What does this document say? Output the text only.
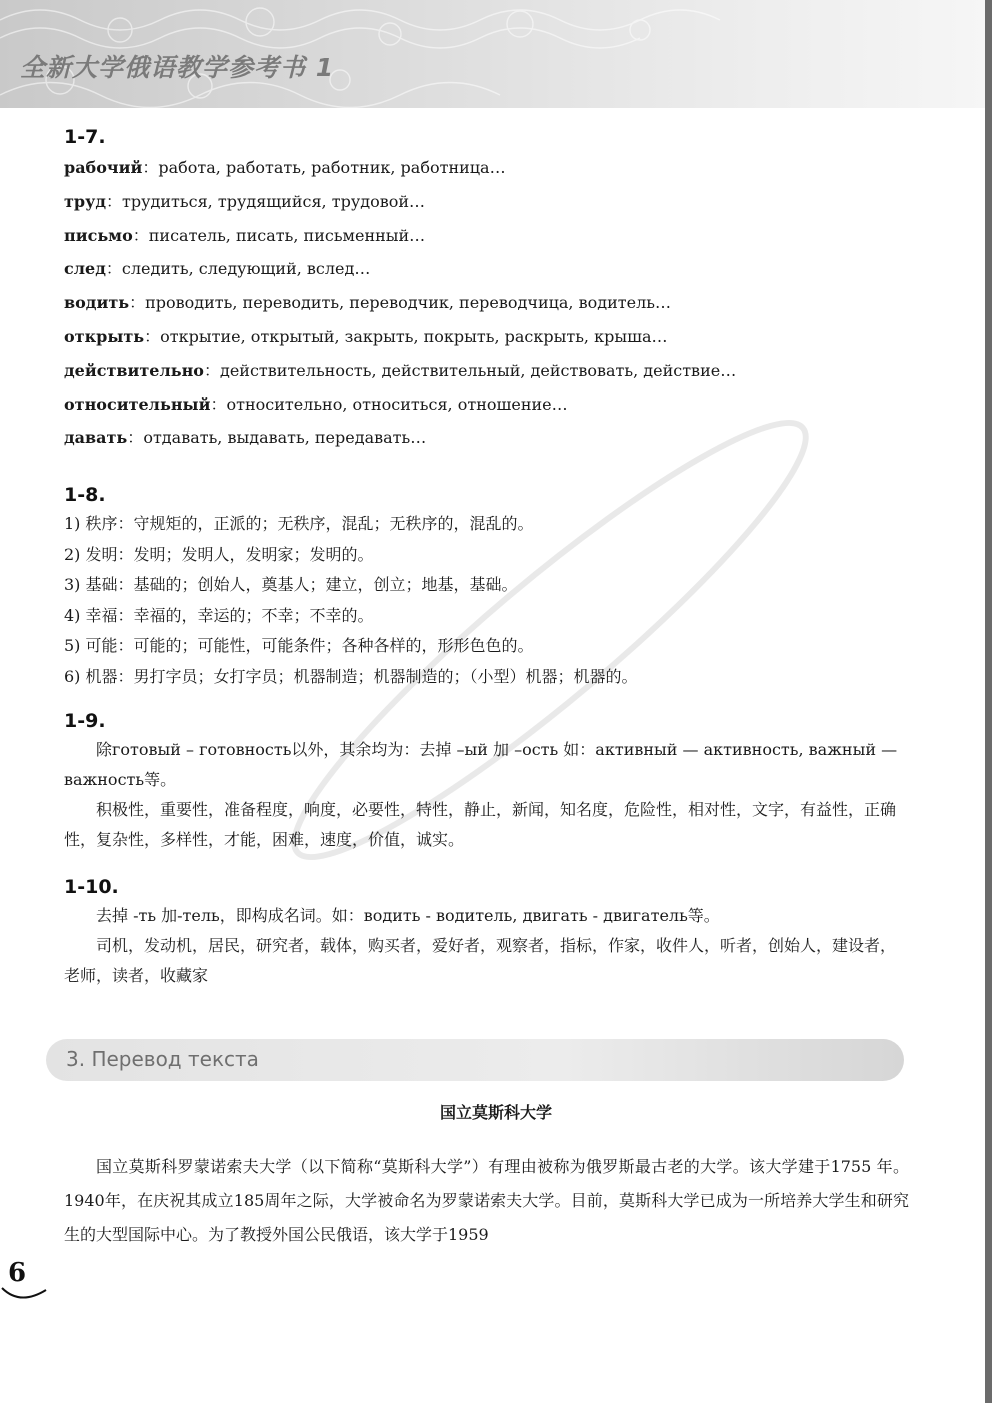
全新大学俄语教学参考书 1
1-7.
рабочий：работа, работать, работник, работница…
труд：трудиться, трудящийся, трудовой…
письмо：писатель, писать, письменный…
след：следить, следующий, вслед…
водить：проводить, переводить, переводчик, переводчица, водитель…
открыть：открытие, открытый, закрыть, покрыть, раскрыть, крыша…
действительно：действительность, действительный, действовать, действие…
относительный：относительно, относиться, отношение…
давать：отдавать, выдавать, передавать…
1-8.
1) 秩序：守规矩的，正派的；无秩序，混乱；无秩序的，混乱的。
2) 发明：发明；发明人，发明家；发明的。
3) 基础：基础的；创始人，奠基人；建立，创立；地基，基础。
4) 幸福：幸福的，幸运的；不幸；不幸的。
5) 可能：可能的；可能性，可能条件；各种各样的，形形色色的。
6) 机器：男打字员；女打字员；机器制造；机器制造的；（小型）机器；机器的。
1-9.

除готовый – готовность以外，其余均为：去掉 –ый 加 –ость 如：активный — активность, важный — важность等。

积极性，重要性，准备程度，响度，必要性，特性，静止，新闻，知名度，危险性，相对性，文字，有益性，正确性，复杂性，多样性，才能，困难，速度，价值，诚实。

1-10.

去掉 -ть 加-тель，即构成名词。如：водить - водитель, двигать - двигатель等。

司机，发动机，居民，研究者，载体，购买者，爱好者，观察者，指标，作家，收件人，听者，创始人，建设者，老师，读者，收藏家

3. Перевод текста
国立莫斯科大学

国立莫斯科罗蒙诺索夫大学（以下简称“莫斯科大学”）有理由被称为俄罗斯最古老的大学。该大学建于1755 年。1940年，在庆祝其成立185周年之际，大学被命名为罗蒙诺索夫大学。目前，莫斯科大学已成为一所培养大学生和研究生的大型国际中心。为了教授外国公民俄语，该大学于1959

6
